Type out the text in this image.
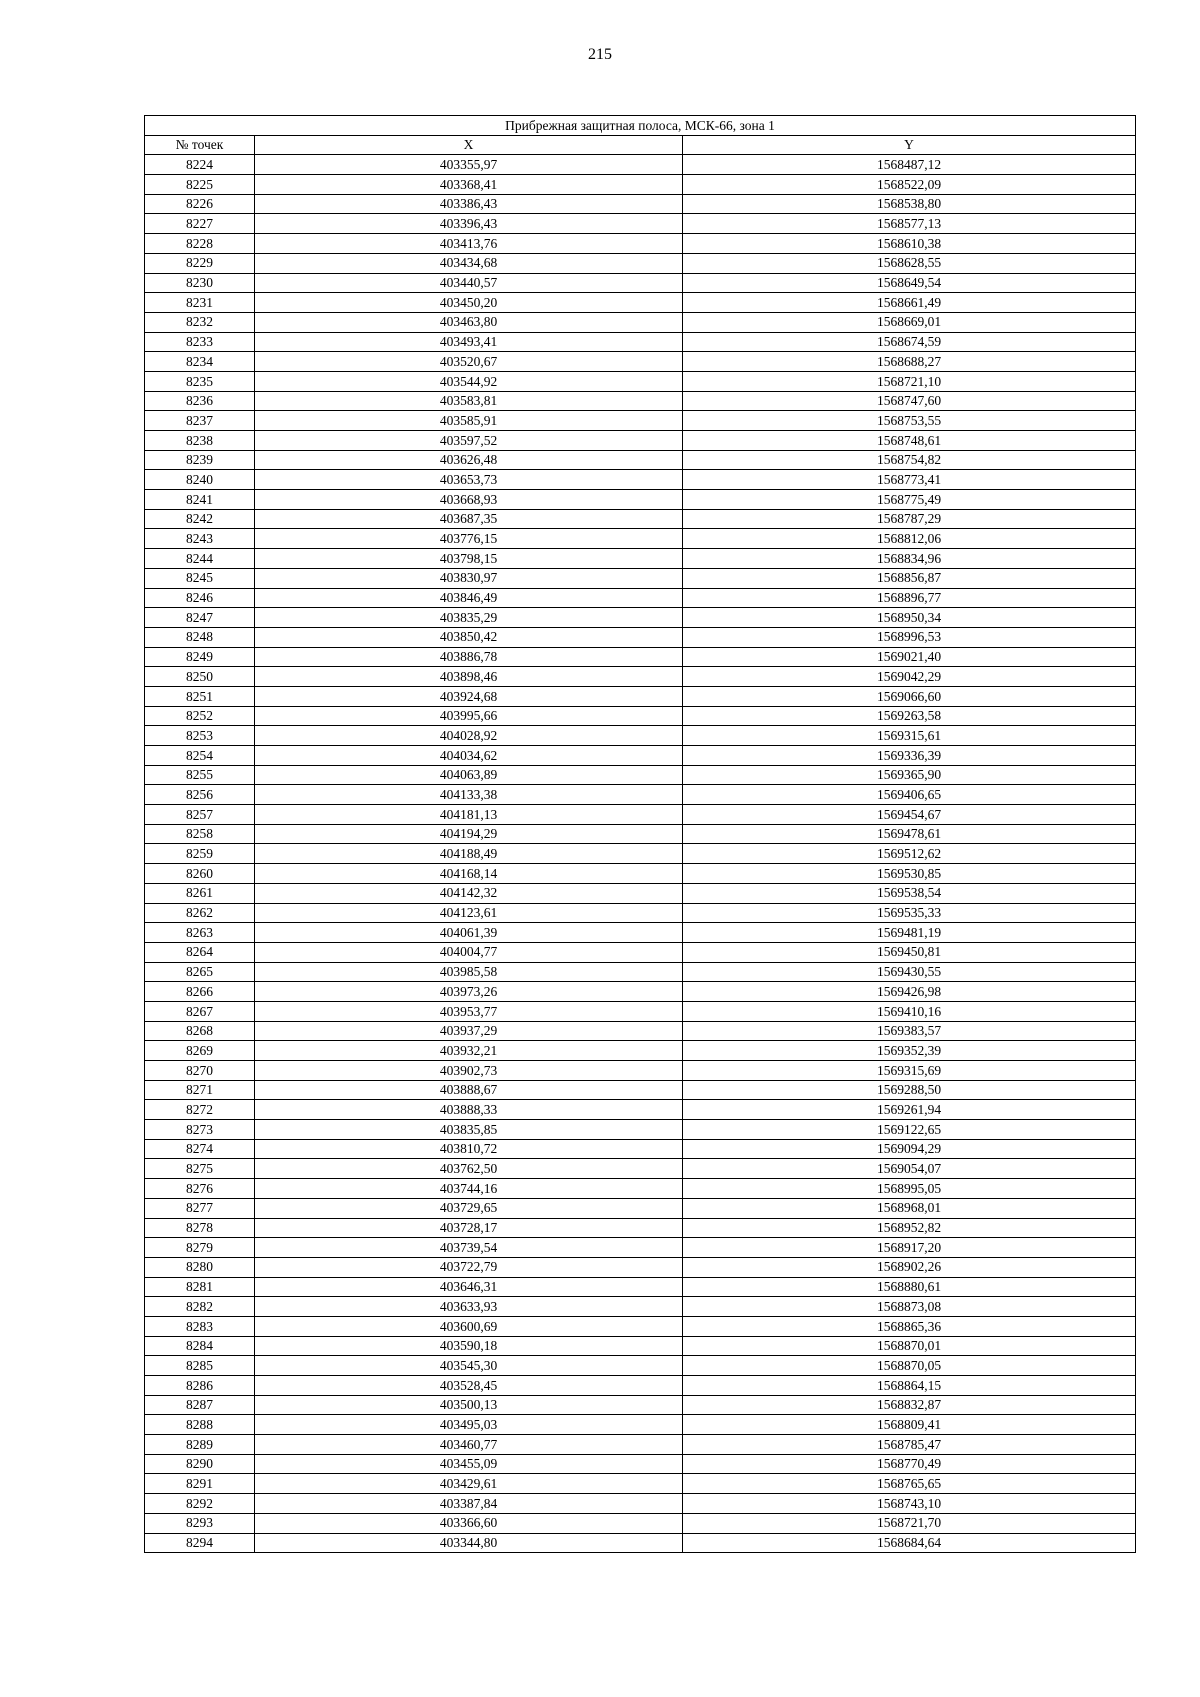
215
Прибрежная защитная полоса, МСК-66, зона 1		
№ точек	X	Y
8224	403355,97	1568487,12
8225	403368,41	1568522,09
8226	403386,43	1568538,80
8227	403396,43	1568577,13
8228	403413,76	1568610,38
8229	403434,68	1568628,55
8230	403440,57	1568649,54
8231	403450,20	1568661,49
8232	403463,80	1568669,01
8233	403493,41	1568674,59
8234	403520,67	1568688,27
8235	403544,92	1568721,10
8236	403583,81	1568747,60
8237	403585,91	1568753,55
8238	403597,52	1568748,61
8239	403626,48	1568754,82
8240	403653,73	1568773,41
8241	403668,93	1568775,49
8242	403687,35	1568787,29
8243	403776,15	1568812,06
8244	403798,15	1568834,96
8245	403830,97	1568856,87
8246	403846,49	1568896,77
8247	403835,29	1568950,34
8248	403850,42	1568996,53
8249	403886,78	1569021,40
8250	403898,46	1569042,29
8251	403924,68	1569066,60
8252	403995,66	1569263,58
8253	404028,92	1569315,61
8254	404034,62	1569336,39
8255	404063,89	1569365,90
8256	404133,38	1569406,65
8257	404181,13	1569454,67
8258	404194,29	1569478,61
8259	404188,49	1569512,62
8260	404168,14	1569530,85
8261	404142,32	1569538,54
8262	404123,61	1569535,33
8263	404061,39	1569481,19
8264	404004,77	1569450,81
8265	403985,58	1569430,55
8266	403973,26	1569426,98
8267	403953,77	1569410,16
8268	403937,29	1569383,57
8269	403932,21	1569352,39
8270	403902,73	1569315,69
8271	403888,67	1569288,50
8272	403888,33	1569261,94
8273	403835,85	1569122,65
8274	403810,72	1569094,29
8275	403762,50	1569054,07
8276	403744,16	1568995,05
8277	403729,65	1568968,01
8278	403728,17	1568952,82
8279	403739,54	1568917,20
8280	403722,79	1568902,26
8281	403646,31	1568880,61
8282	403633,93	1568873,08
8283	403600,69	1568865,36
8284	403590,18	1568870,01
8285	403545,30	1568870,05
8286	403528,45	1568864,15
8287	403500,13	1568832,87
8288	403495,03	1568809,41
8289	403460,77	1568785,47
8290	403455,09	1568770,49
8291	403429,61	1568765,65
8292	403387,84	1568743,10
8293	403366,60	1568721,70
8294	403344,80	1568684,64
